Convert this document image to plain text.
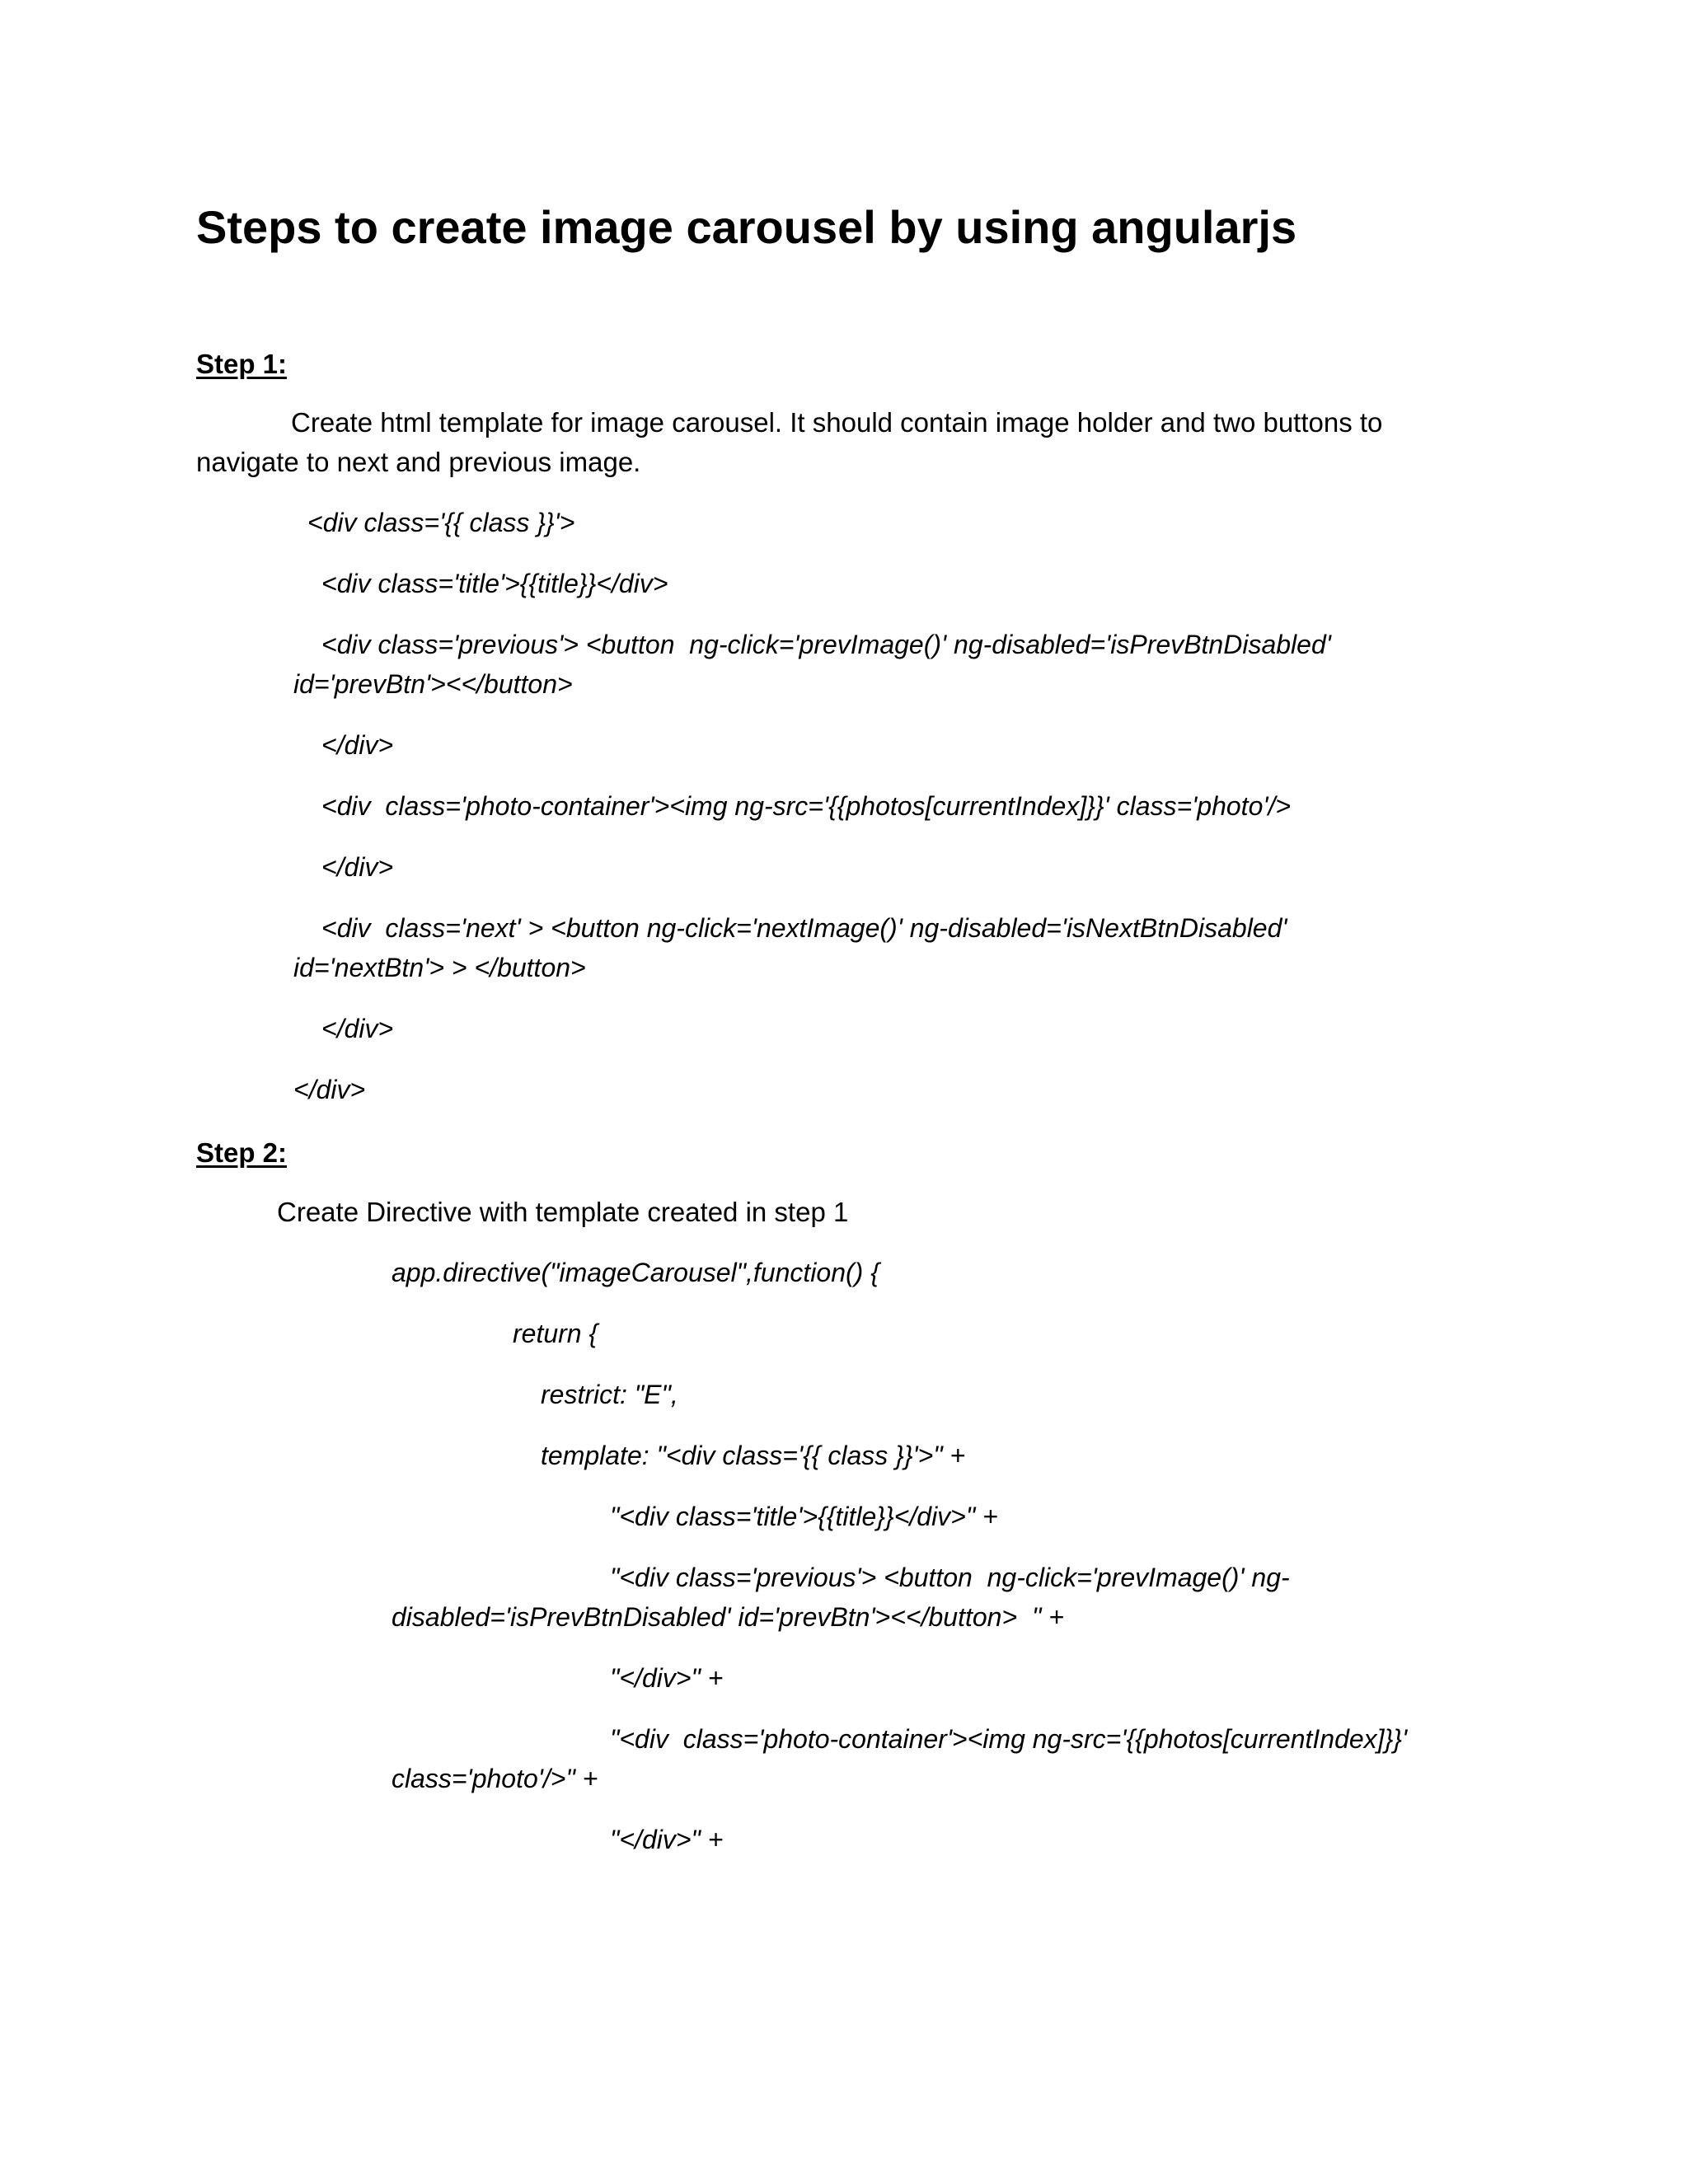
Steps to create image carousel by using angularjs
Step 1:
Create html template for image carousel. It should contain image holder and two buttons to
navigate to next and previous image.
<div class='{{ class }}'>
<div class='title'>{{title}}</div>
<div class='previous'> <button  ng-click='prevImage()' ng-disabled='isPrevBtnDisabled'
id='prevBtn'><</button>
</div>
<div  class='photo-container'><img ng-src='{{photos[currentIndex]}}' class='photo'/>
</div>
<div  class='next' > <button ng-click='nextImage()' ng-disabled='isNextBtnDisabled'
id='nextBtn'> > </button>
</div>
</div>
Step 2:
Create Directive with template created in step 1
app.directive("imageCarousel",function() {
return {
restrict: "E",
template: "<div class='{{ class }}'>" +
"<div class='title'>{{title}}</div>" +
"<div class='previous'> <button  ng-click='prevImage()' ng-
disabled='isPrevBtnDisabled' id='prevBtn'><</button>  " +
"</div>" +
"<div  class='photo-container'><img ng-src='{{photos[currentIndex]}}'
class='photo'/>" +
"</div>" +
